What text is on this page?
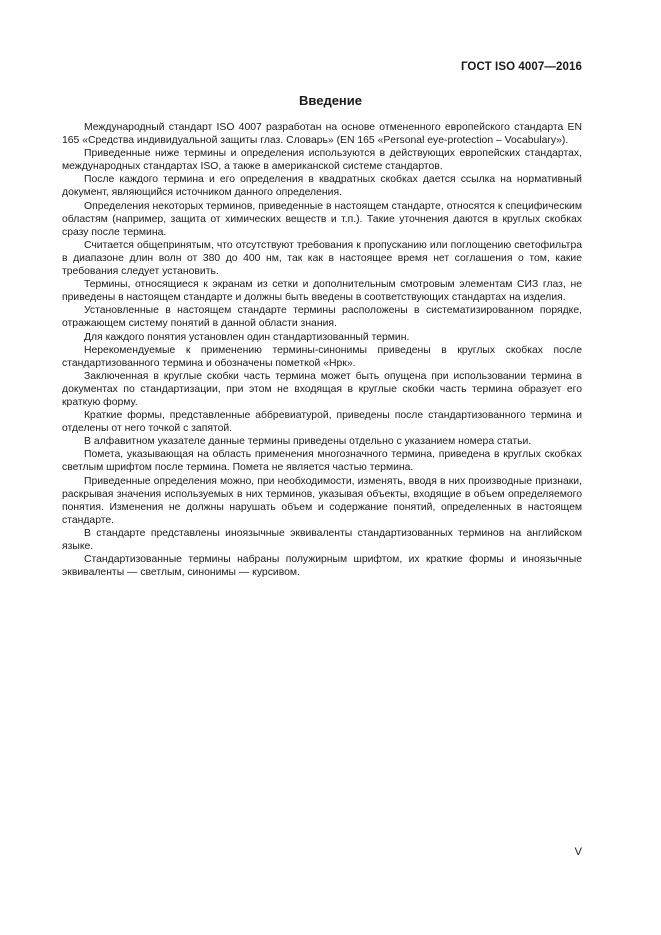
ГОСТ ISO 4007—2016
Введение

Международный стандарт ISO 4007 разработан на основе отмененного европейского стандарта EN 165 «Средства индивидуальной защиты глаз. Словарь» (EN 165 «Personal eye-protection – Vocabulary»).

Приведенные ниже термины и определения используются в действующих европейских стандартах, международных стандартах ISO, а также в американской системе стандартов.

После каждого термина и его определения в квадратных скобках дается ссылка на нормативный документ, являющийся источником данного определения.

Определения некоторых терминов, приведенные в настоящем стандарте, относятся к специфическим областям (например, защита от химических веществ и т.п.). Такие уточнения даются в круглых скобках сразу после термина.

Считается общепринятым, что отсутствуют требования к пропусканию или поглощению светофильтра в диапазоне длин волн от 380 до 400 нм, так как в настоящее время нет соглашения о том, какие требования следует установить.

Термины, относящиеся к экранам из сетки и дополнительным смотровым элементам СИЗ глаз, не приведены в настоящем стандарте и должны быть введены в соответствующих стандартах на изделия.

Установленные в настоящем стандарте термины расположены в систематизированном порядке, отражающем систему понятий в данной области знания.

Для каждого понятия установлен один стандартизованный термин.

Нерекомендуемые к применению термины-синонимы приведены в круглых скобках после стандартизованного термина и обозначены пометкой «Нрк».

Заключенная в круглые скобки часть термина может быть опущена при использовании термина в документах по стандартизации, при этом не входящая в круглые скобки часть термина образует его краткую форму.

Краткие формы, представленные аббревиатурой, приведены после стандартизованного термина и отделены от него точкой с запятой.

В алфавитном указателе данные термины приведены отдельно с указанием номера статьи.

Помета, указывающая на область применения многозначного термина, приведена в круглых скобках светлым шрифтом после термина. Помета не является частью термина.

Приведенные определения можно, при необходимости, изменять, вводя в них производные признаки, раскрывая значения используемых в них терминов, указывая объекты, входящие в объем определяемого понятия. Изменения не должны нарушать объем и содержание понятий, определенных в настоящем стандарте.

В стандарте представлены иноязычные эквиваленты стандартизованных терминов на английском языке.

Стандартизованные термины набраны полужирным шрифтом, их краткие формы и иноязычные эквиваленты — светлым, синонимы — курсивом.

V
